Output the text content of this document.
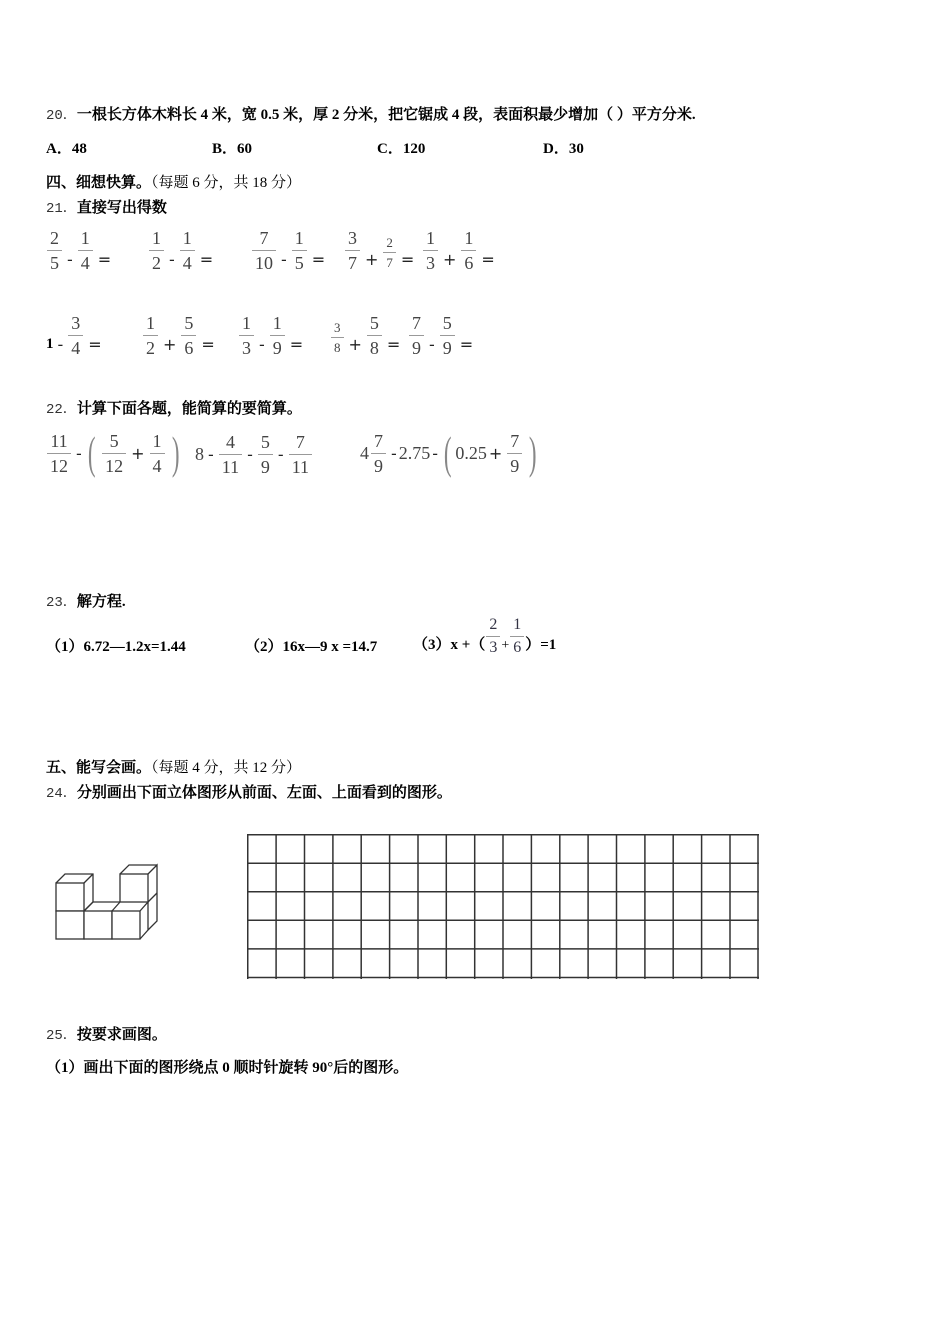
20．一根长方体木料长 4 米，宽 0.5 米，厚 2 分米，把它锯成 4 段，表面积最少增加（ ）平方分米.
A．48	B．60	C．120	D．30
四、细想快算。（每题 6 分，共 18 分）
21．直接写出得数
$\frac{2}{5} - \frac{1}{4} = \frac{1}{2} - \frac{1}{4} = \frac{7}{10} - \frac{1}{5} = \frac{3}{7} + \frac{2}{7} = \frac{1}{3} + \frac{1}{6}$ =
$1 - \frac{3}{4} = \frac{1}{2} + \frac{5}{6} = \frac{1}{3} - \frac{1}{9} = \frac{3}{8} + \frac{5}{8} = \frac{7}{9} - \frac{5}{9}$ =
22．计算下面各题，能简算的要简算。
$\frac{11}{12}$ - ( $\frac{5}{12} + \frac{1}{4}$ ) $8 - \frac{4}{11} - \frac{5}{9} - \frac{7}{11}$	$4 \frac{7}{9} - 2.75$ - ( $0.25 + \frac{7}{9}$ )
23．解方程.
（1）6.72—1.2x=1.44	（2）16x—9 x =14.7 （3）x +（ $\frac{2}{3} + \frac{1}{6} )=1$
五、能写会画。（每题 4 分，共 12 分）
24．分别画出下面立体图形从前面、左面、上面看到的图形。
25．按要求画图。
（1）画出下面的图形绕点 0 顺时针旋转 90°后的图形。
